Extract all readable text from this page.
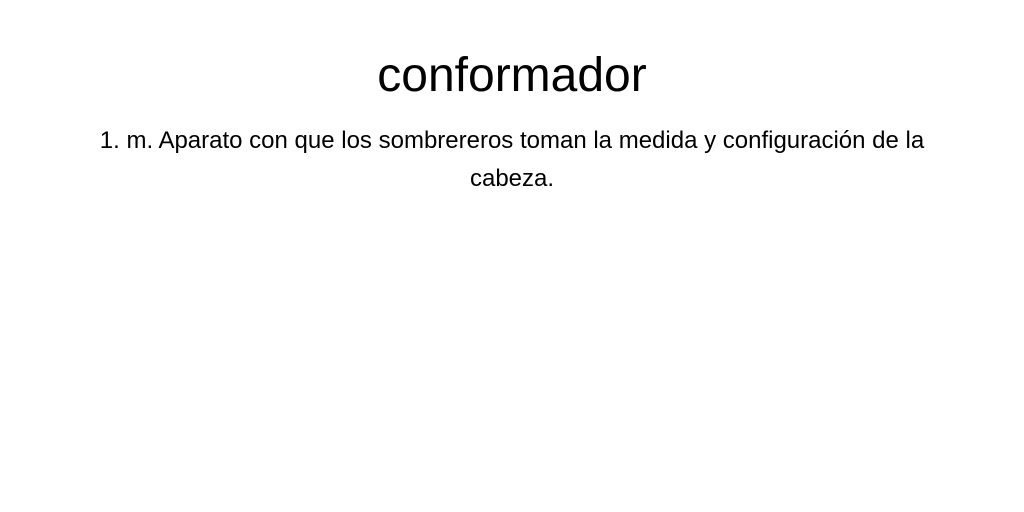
conformador

1. m. Aparato con que los sombrereros toman la medida y configuración de la cabeza.
